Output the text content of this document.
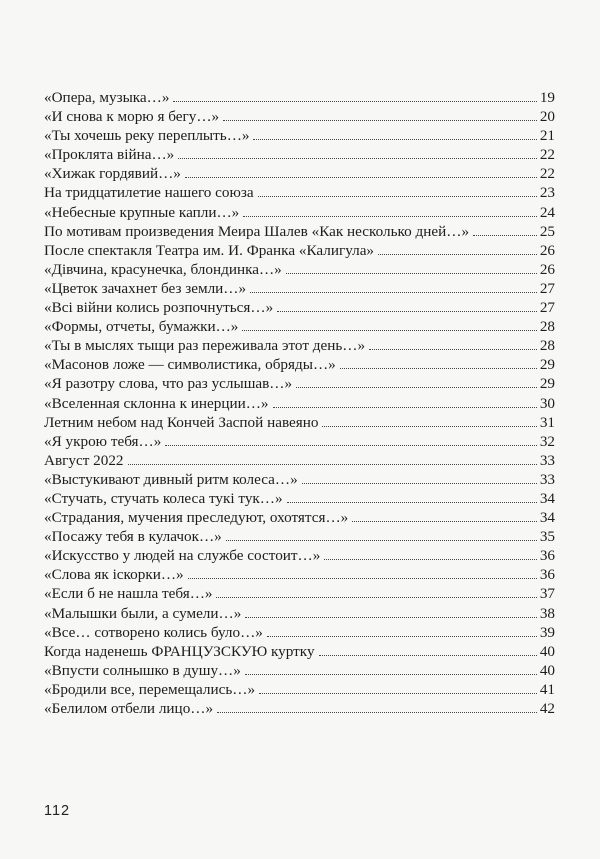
«Опера, музыка…»	19
«И снова к морю я бегу…»	20
«Ты хочешь реку переплыть…»	21
«Проклята війна…»	22
«Хижак гордявий…»	22
На тридцатилетие нашего союза	23
«Небесные крупные капли…»	24
По мотивам произведения Меира Шалев «Как несколько дней…»	25
После спектакля Театра им. И. Франка «Калигула»	26
«Дівчина, красунечка, блондинка…»	26
«Цветок зачахнет без земли…»	27
«Всі війни колись розпочнуться…»	27
«Формы, отчеты, бумажки…»	28
«Ты в мыслях тыщи раз переживала этот день…»	28
«Масонов ложе — символистика, обряды…»	29
«Я разотру слова, что раз услышав…»	29
«Вселенная склонна к инерции…»	30
Летним небом над Кончей Заспой навеяно	31
«Я укрою тебя…»	32
Август 2022	33
«Выстукивают дивный ритм колеса…»	33
«Стучать, стучать колеса тукі тук…»	34
«Страдания, мучения преследуют, охотятся…»	34
«Посажу тебя в кулачок…»	35
«Искусство у людей на службе состоит…»	36
«Слова як іскорки…»	36
«Если б не нашла тебя…»	37
«Малышки были, а сумели…»	38
«Все… сотворено колись було…»	39
Когда наденешь ФРАНЦУЗСКУЮ куртку	40
«Впусти солнышко в душу…»	40
«Бродили все, перемещались…»	41
«Белилом отбели лицо…»	42
112
